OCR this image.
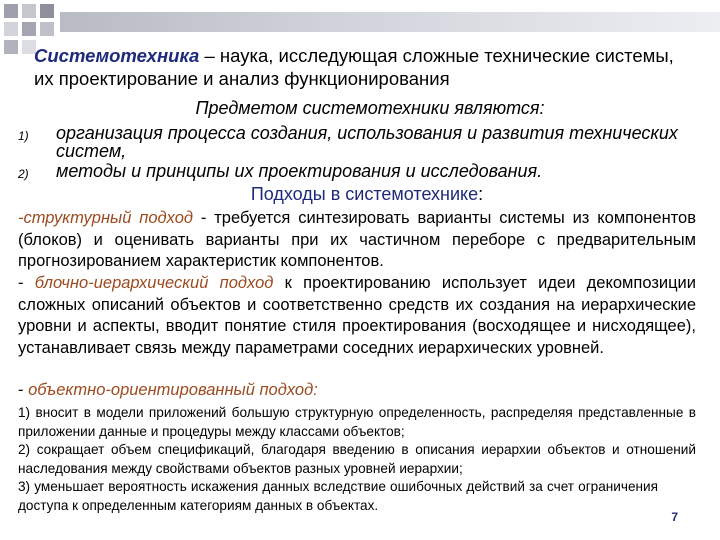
Системотехника – наука, исследующая сложные технические системы, их проектирование и анализ функционирования
Предметом системотехники являются:
1) организация процесса создания, использования и развития технических систем,
2) методы и принципы их проектирования и исследования.
Подходы в системотехнике:
-структурный подход - требуется синтезировать варианты системы из компонентов (блоков) и оценивать варианты при их частичном переборе с предварительным прогнозированием характеристик компонентов.
- блочно-иерархический подход к проектированию использует идеи декомпозиции сложных описаний объектов и соответственно средств их создания на иерархические уровни и аспекты, вводит понятие стиля проектирования (восходящее и нисходящее), устанавливает связь между параметрами соседних иерархических уровней.
- объектно-ориентированный подход:
1) вносит в модели приложений большую структурную определенность, распределяя представленные в приложении данные и процедуры между классами объектов;
2) сокращает объем спецификаций, благодаря введению в описания иерархии объектов и отношений наследования между свойствами объектов разных уровней иерархии;
3) уменьшает вероятность искажения данных вследствие ошибочных действий за счет ограничения доступа к определенным категориям данных в объектах.
7
